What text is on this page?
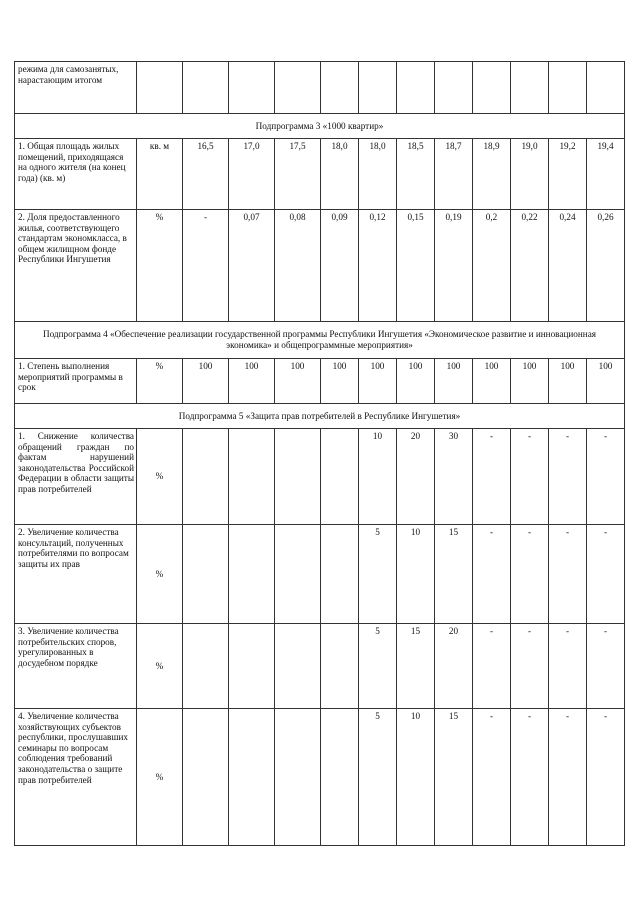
режима для самозанятых, нарастающим итогом												
Подпрограмма 3 «1000 квартир»												
1. Общая площадь жилых помещений, приходящаяся на одного жителя (на конец года) (кв. м)	кв. м	16,5	17,0	17,5	18,0	18,0	18,5	18,7	18,9	19,0	19,2	19,4
2. Доля предоставленного жилья, соответствующего стандартам экономкласса, в общем жилищном фонде Республики Ингушетия	%	-	0,07	0,08	0,09	0,12	0,15	0,19	0,2	0,22	0,24	0,26
Подпрограмма 4 «Обеспечение реализации государственной программы Республики Ингушетия «Экономическое развитие и инновационная экономика» и общепрограммные мероприятия»												
1. Степень выполнения мероприятий программы в срок	%	100	100	100	100	100	100	100	100	100	100	100
Подпрограмма 5 «Защита прав потребителей в Республике Ингушетия»												
1. Снижение количества обращений граждан по фактам нарушений законодательства Российской Федерации в области защиты прав потребителей	%					10	20	30	-	-	-	-
2. Увеличение количества консультаций, полученных потребителями по вопросам защиты их прав	%					5	10	15	-	-	-	-
3. Увеличение количества потребительских споров, урегулированных в досудебном порядке	%					5	15	20	-	-	-	-
4. Увеличение количества хозяйствующих субъектов республики, прослушавших семинары по вопросам соблюдения требований законодательства о защите прав потребителей	%					5	10	15	-	-	-	-
